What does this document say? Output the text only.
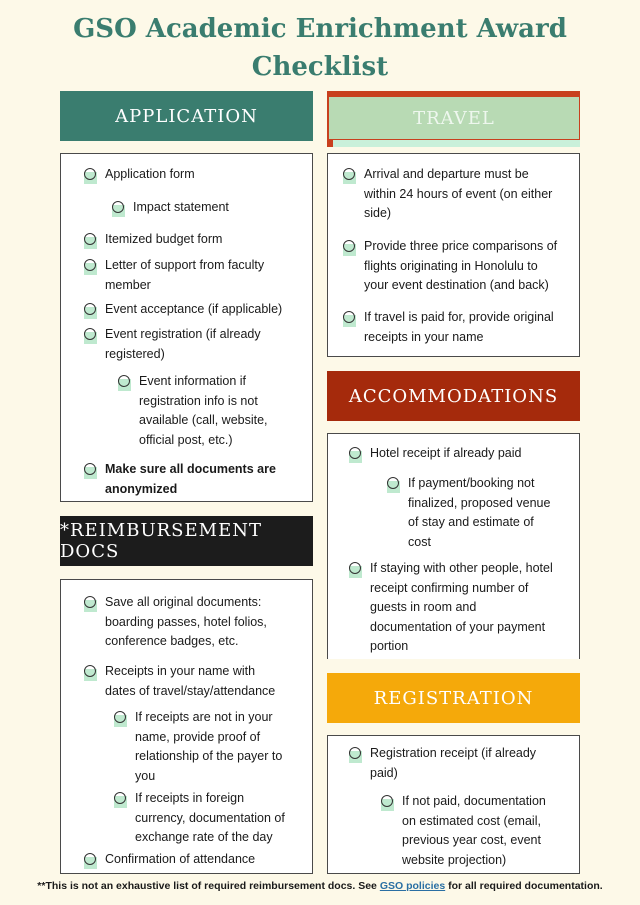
GSO Academic Enrichment Award
Checklist
APPLICATION
Application form
Impact statement
Itemized budget form
Letter of support from faculty
member
Event acceptance (if applicable)
Event registration (if already
registered)
Event information if
registration info is not
available (call, website,
official post, etc.)
Make sure all documents are
anonymized
TRAVEL
Arrival and departure must be
within 24 hours of event (on either
side)
Provide three price comparisons of
flights originating in Honolulu to
your event destination (and back)
If travel is paid for, provide original
receipts in your name
ACCOMMODATIONS
Hotel receipt if already paid
If payment/booking not
finalized, proposed venue
of stay and estimate of
cost
If staying with other people, hotel
receipt confirming number of
guests in room and
documentation of your payment
portion
*REIMBURSEMENT DOCS
Save all original documents:
boarding passes, hotel folios,
conference badges, etc.
Receipts in your name with
dates of travel/stay/attendance
If receipts are not in your
name, provide proof of
relationship of the payer to
you
If receipts in foreign
currency, documentation of
exchange rate of the day
Confirmation of attendance
REGISTRATION
Registration receipt (if already
paid)
If not paid, documentation
on estimated cost (email,
previous year cost, event
website projection)
**This is not an exhaustive list of required reimbursement docs. See GSO policies for all required documentation.
